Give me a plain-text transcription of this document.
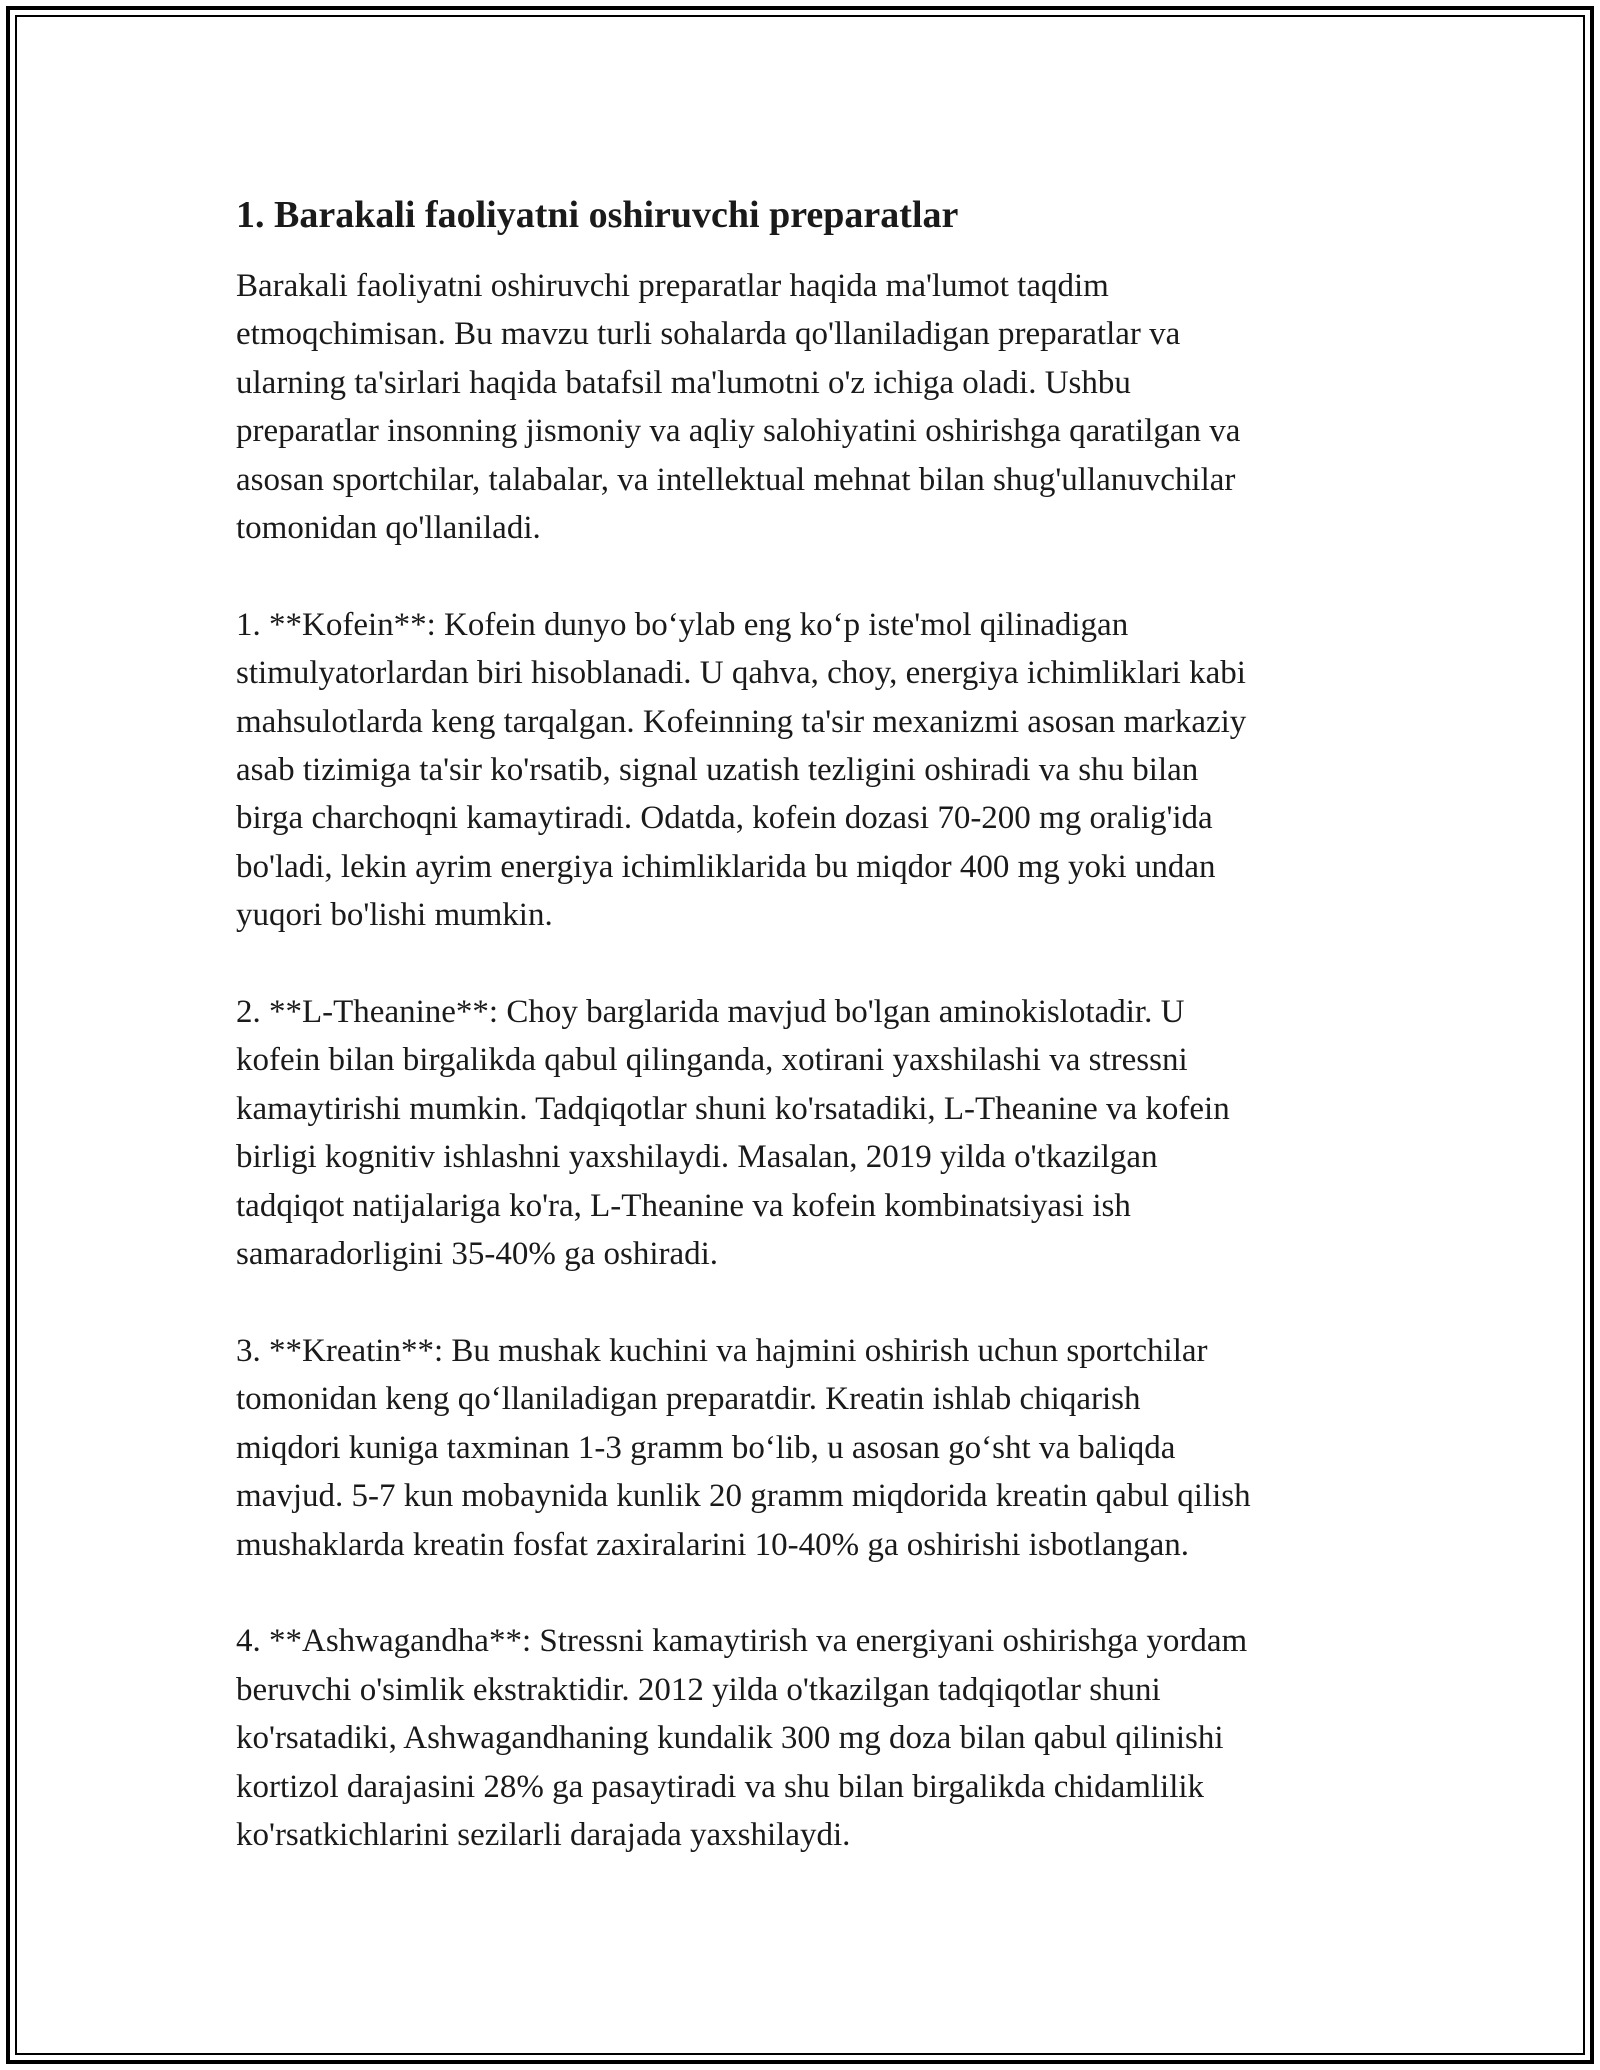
1. Barakali faoliyatni oshiruvchi preparatlar
Barakali faoliyatni oshiruvchi preparatlar haqida ma'lumot taqdim
etmoqchimisan. Bu mavzu turli sohalarda qo'llaniladigan preparatlar va
ularning ta'sirlari haqida batafsil ma'lumotni o'z ichiga oladi. Ushbu
preparatlar insonning jismoniy va aqliy salohiyatini oshirishga qaratilgan va
asosan sportchilar, talabalar, va intellektual mehnat bilan shug'ullanuvchilar
tomonidan qo'llaniladi.
1. **Kofein**: Kofein dunyo bo‘ylab eng ko‘p iste'mol qilinadigan
stimulyatorlardan biri hisoblanadi. U qahva, choy, energiya ichimliklari kabi
mahsulotlarda keng tarqalgan. Kofeinning ta'sir mexanizmi asosan markaziy
asab tizimiga ta'sir ko'rsatib, signal uzatish tezligini oshiradi va shu bilan
birga charchoqni kamaytiradi. Odatda, kofein dozasi 70-200 mg oralig'ida
bo'ladi, lekin ayrim energiya ichimliklarida bu miqdor 400 mg yoki undan
yuqori bo'lishi mumkin.
2. **L-Theanine**: Choy barglarida mavjud bo'lgan aminokislotadir. U
kofein bilan birgalikda qabul qilinganda, xotirani yaxshilashi va stressni
kamaytirishi mumkin. Tadqiqotlar shuni ko'rsatadiki, L-Theanine va kofein
birligi kognitiv ishlashni yaxshilaydi. Masalan, 2019 yilda o'tkazilgan
tadqiqot natijalariga ko'ra, L-Theanine va kofein kombinatsiyasi ish
samaradorligini 35-40% ga oshiradi.
3. **Kreatin**: Bu mushak kuchini va hajmini oshirish uchun sportchilar
tomonidan keng qo‘llaniladigan preparatdir. Kreatin ishlab chiqarish
miqdori kuniga taxminan 1-3 gramm bo‘lib, u asosan go‘sht va baliqda
mavjud. 5-7 kun mobaynida kunlik 20 gramm miqdorida kreatin qabul qilish
mushaklarda kreatin fosfat zaxiralarini 10-40% ga oshirishi isbotlangan.
4. **Ashwagandha**: Stressni kamaytirish va energiyani oshirishga yordam
beruvchi o'simlik ekstraktidir. 2012 yilda o'tkazilgan tadqiqotlar shuni
ko'rsatadiki, Ashwagandhaning kundalik 300 mg doza bilan qabul qilinishi
kortizol darajasini 28% ga pasaytiradi va shu bilan birgalikda chidamlilik
ko'rsatkichlarini sezilarli darajada yaxshilaydi.
